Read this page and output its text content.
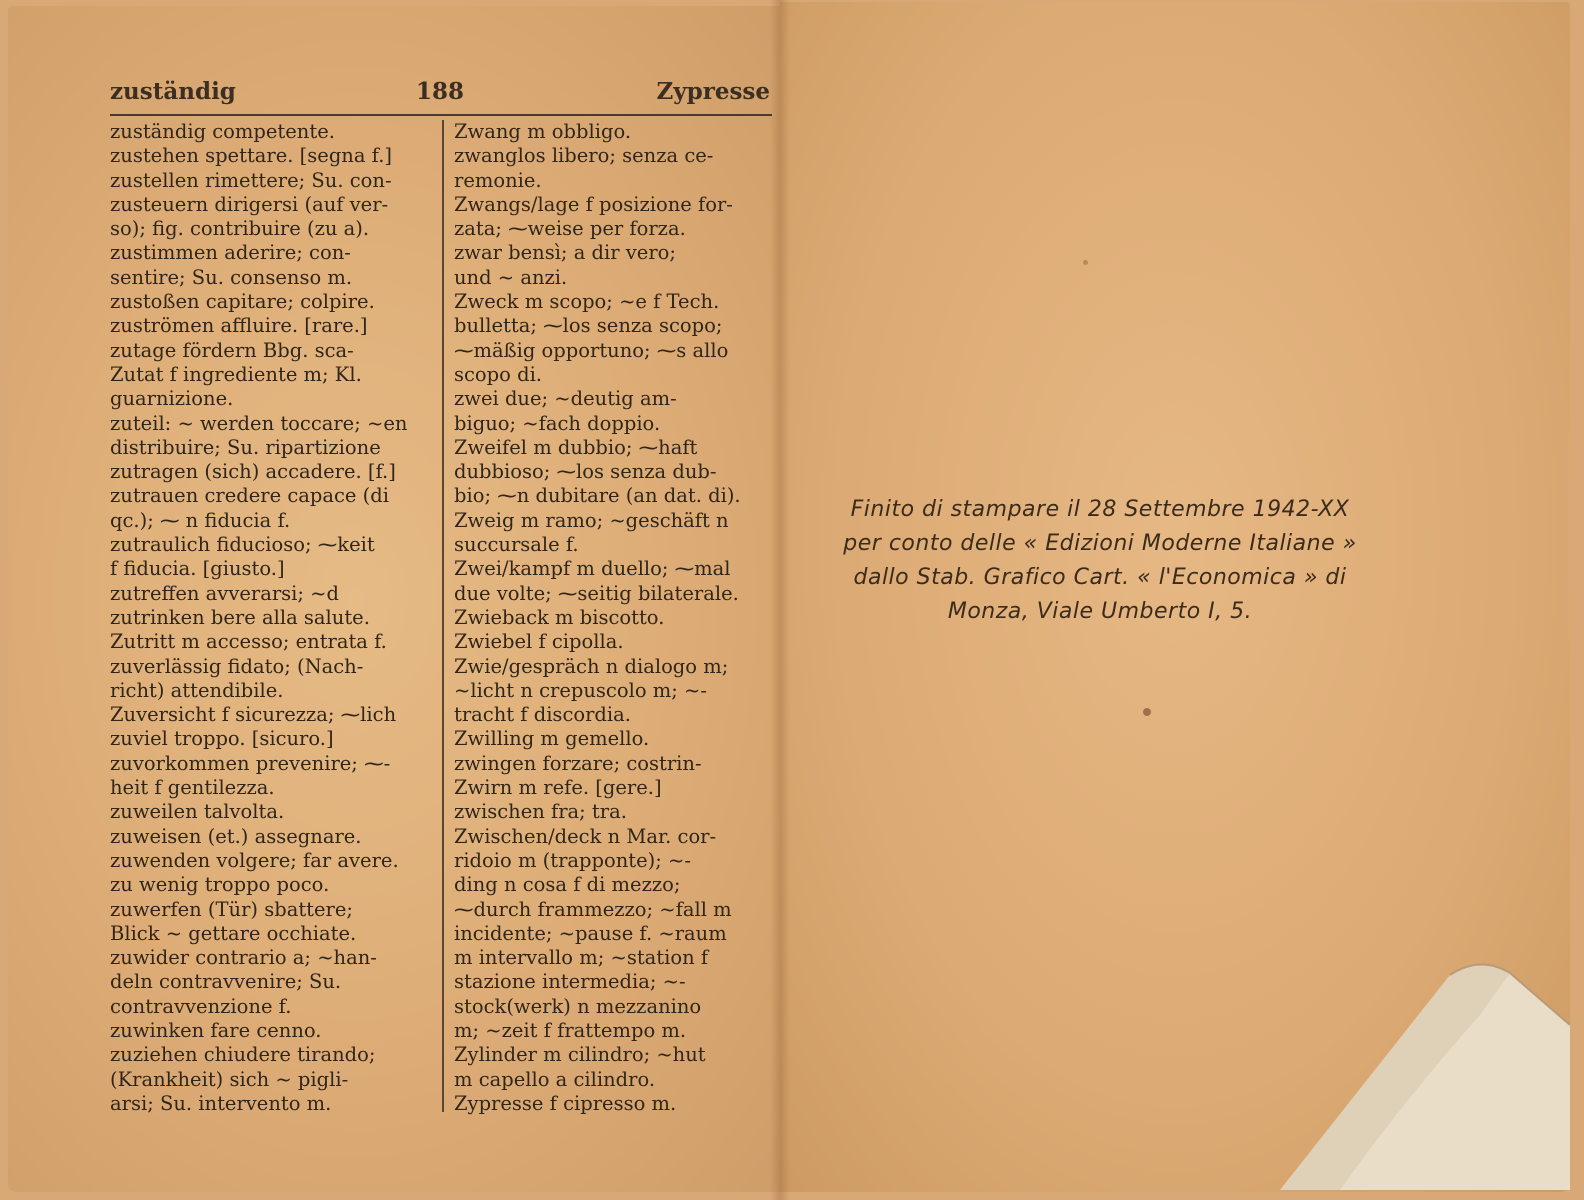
zuständig	188	Zypresse
zuständig competente.
zustehen spettare. [segna f.]
zustellen rimettere; Su. con-
zusteuern dirigersi (auf ver-
so); fig. contribuire (zu a).
zustimmen aderire; con-
sentire; Su. consenso m.
zustoßen capitare; colpire.
zuströmen affluire. [rare.]
zutage fördern Bbg. sca-
Zutat f ingrediente m; Kl.
guarnizione.
zuteil: ~ werden toccare; ~en
distribuire; Su. ripartizione
zutragen (sich) accadere. [f.]
zutrauen credere capace (di
qc.); ⁓ n fiducia f.
zutraulich fiducioso; ⁓keit
f fiducia. [giusto.]
zutreffen avverarsi; ~d
zutrinken bere alla salute.
Zutritt m accesso; entrata f.
zuverlässig fidato; (Nach-
richt) attendibile.
Zuversicht f sicurezza; ⁓lich
zuviel troppo. [sicuro.]
zuvorkommen prevenire; ⁓-
heit f gentilezza.
zuweilen talvolta.
zuweisen (et.) assegnare.
zuwenden volgere; far avere.
zu wenig troppo poco.
zuwerfen (Tür) sbattere;
Blick ~ gettare occhiate.
zuwider contrario a; ~han-
deln contravvenire; Su.
contravvenzione f.
zuwinken fare cenno.
zuziehen chiudere tirando;
(Krankheit) sich ~ pigli-
arsi; Su. intervento m.
Zwang m obbligo.
zwanglos libero; senza ce-
remonie.
Zwangs/lage f posizione for-
zata; ⁓weise per forza.
zwar bensì; a dir vero;
und ~ anzi.
Zweck m scopo; ~e f Tech.
bulletta; ⁓los senza scopo;
⁓mäßig opportuno; ⁓s allo
scopo di.
zwei due; ~deutig am-
biguo; ~fach doppio.
Zweifel m dubbio; ⁓haft
dubbioso; ⁓los senza dub-
bio; ⁓n dubitare (an dat. di).
Zweig m ramo; ~geschäft n
succursale f.
Zwei/kampf m duello; ⁓mal
due volte; ⁓seitig bilaterale.
Zwieback m biscotto.
Zwiebel f cipolla.
Zwie/gespräch n dialogo m;
~licht n crepuscolo m; ~-
tracht f discordia.
Zwilling m gemello.
zwingen forzare; costrin-
Zwirn m refe. [gere.]
zwischen fra; tra.
Zwischen/deck n Mar. cor-
ridoio m (trapponte); ~-
ding n cosa f di mezzo;
⁓durch frammezzo; ~fall m
incidente; ~pause f. ~raum
m intervallo m; ~station f
stazione intermedia; ~-
stock(werk) n mezzanino
m; ~zeit f frattempo m.
Zylinder m cilindro; ~hut
m capello a cilindro.
Zypresse f cipresso m.
Finito di stampare il 28 Settembre 1942-XX
per conto delle « Edizioni Moderne Italiane »
dallo Stab. Grafico Cart. « l'Economica » di
Monza, Viale Umberto I, 5.
